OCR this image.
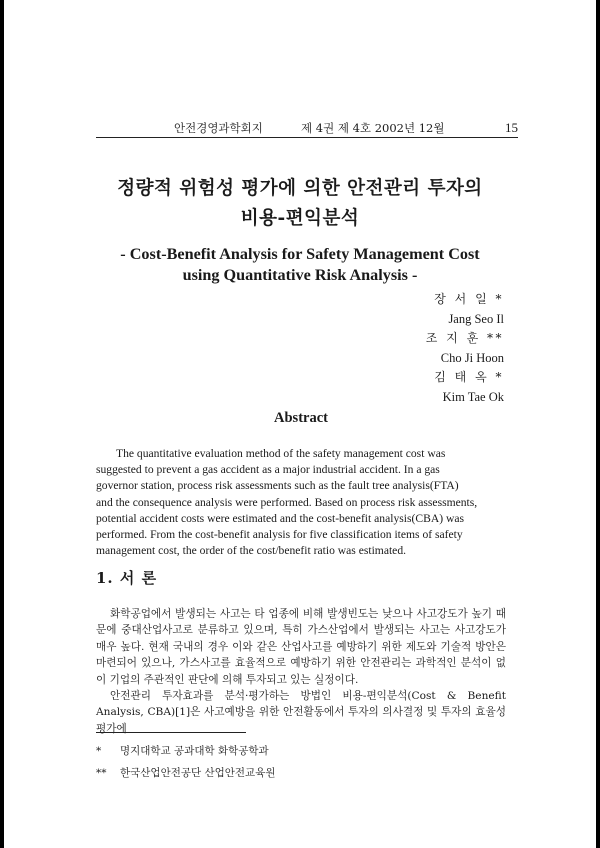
안전경영과학회지	제 4권 제 4호 2002년 12월	15
정량적 위험성 평가에 의한 안전관리 투자의
비용-편익분석
- Cost-Benefit Analysis for Safety Management Cost
using Quantitative Risk Analysis -
장 서 일 *
Jang Seo Il
조 지 훈 **
Cho Ji Hoon
김 태 옥 *
Kim Tae Ok
Abstract
The quantitative evaluation method of the safety management cost was
suggested to prevent a gas accident as a major industrial accident. In a gas
governor station, process risk assessments such as the fault tree analysis(FTA)
and the consequence analysis were performed. Based on process risk assessments,
potential accident costs were estimated and the cost-benefit analysis(CBA) was
performed. From the cost-benefit analysis for five classification items of safety
management cost, the order of the cost/benefit ratio was estimated.
1. 서 론

화학공업에서 발생되는 사고는 타 업종에 비해 발생빈도는 낮으나 사고강도가 높기 때문에 중대산업사고로 분류하고 있으며, 특히 가스산업에서 발생되는 사고는 사고강도가 매우 높다. 현재 국내의 경우 이와 같은 산업사고를 예방하기 위한 제도와 기술적 방안은 마련되어 있으나, 가스사고를 효율적으로 예방하기 위한 안전관리는 과학적인 분석이 없이 기업의 주관적인 판단에 의해 투자되고 있는 실정이다.

안전관리 투자효과를 분석·평가하는 방법인 비용-편익분석(Cost & Benefit Analysis, CBA)[1]은 사고예방을 위한 안전활동에서 투자의 의사결정 및 투자의 효율성 평가에

* 명지대학교 공과대학 화학공학과
** 한국산업안전공단 산업안전교육원
